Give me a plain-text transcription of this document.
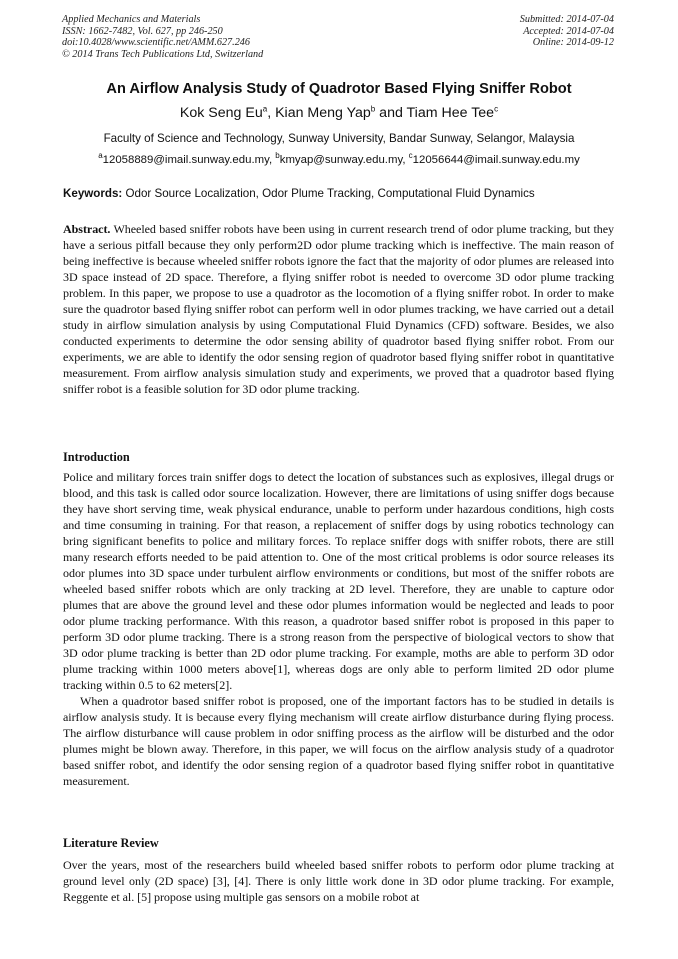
Applied Mechanics and Materials
ISSN: 1662-7482, Vol. 627, pp 246-250
doi:10.4028/www.scientific.net/AMM.627.246
© 2014 Trans Tech Publications Ltd, Switzerland
Submitted: 2014-07-04
Accepted: 2014-07-04
Online: 2014-09-12
An Airflow Analysis Study of Quadrotor Based Flying Sniffer Robot
Kok Seng Eu$^a$, Kian Meng Yap$^b$ and Tiam Hee Tee$^c$
Faculty of Science and Technology, Sunway University, Bandar Sunway, Selangor, Malaysia
$^a$12058889@imail.sunway.edu.my, $^b$kmyap@sunway.edu.my, $^c$12056644@imail.sunway.edu.my
Keywords: Odor Source Localization, Odor Plume Tracking, Computational Fluid Dynamics

Abstract. Wheeled based sniffer robots have been using in current research trend of odor plume tracking, but they have a serious pitfall because they only perform2D odor plume tracking which is ineffective. The main reason of being ineffective is because wheeled sniffer robots ignore the fact that the majority of odor plumes are released into 3D space instead of 2D space. Therefore, a flying sniffer robot is needed to overcome 3D odor plume tracking problem. In this paper, we propose to use a quadrotor as the locomotion of a flying sniffer robot. In order to make sure the quadrotor based flying sniffer robot can perform well in odor plumes tracking, we have carried out a detail study in airflow simulation analysis by using Computational Fluid Dynamics (CFD) software. Besides, we also conducted experiments to determine the odor sensing ability of quadrotor based flying sniffer robot. From our experiments, we are able to identify the odor sensing region of quadrotor based flying sniffer robot in quantitative measurement. From airflow analysis simulation study and experiments, we proved that a quadrotor based flying sniffer robot is a feasible solution for 3D odor plume tracking.

Introduction

Police and military forces train sniffer dogs to detect the location of substances such as explosives, illegal drugs or blood, and this task is called odor source localization. However, there are limitations of using sniffer dogs because they have short serving time, weak physical endurance, unable to perform under hazardous conditions, high costs and time consuming in training. For that reason, a replacement of sniffer dogs by using robotics technology can bring significant benefits to police and military forces. To replace sniffer dogs with sniffer robots, there are still many research efforts needed to be paid attention to. One of the most critical problems is odor source releases its odor plumes into 3D space under turbulent airflow environments or conditions, but most of the sniffer robots are wheeled based sniffer robots which are only tracking at 2D level. Therefore, they are unable to capture odor plumes that are above the ground level and these odor plumes information would be neglected and leads to poor odor plume tracking performance. With this reason, a quadrotor based sniffer robot is proposed in this paper to perform 3D odor plume tracking. There is a strong reason from the perspective of biological vectors to show that 3D odor plume tracking is better than 2D odor plume tracking. For example, moths are able to perform 3D odor plume tracking within 1000 meters above[1], whereas dogs are only able to perform limited 2D odor plume tracking within 0.5 to 62 meters[2].

When a quadrotor based sniffer robot is proposed, one of the important factors has to be studied in details is airflow analysis study. It is because every flying mechanism will create airflow disturbance during flying process. The airflow disturbance will cause problem in odor sniffing process as the airflow will be disturbed and the odor plumes might be blown away. Therefore, in this paper, we will focus on the airflow analysis study of a quadrotor based sniffer robot, and identify the odor sensing region of a quadrotor based flying sniffer robot in quantitative measurement.

Literature Review

Over the years, most of the researchers build wheeled based sniffer robots to perform odor plume tracking at ground level only (2D space) [3], [4]. There is only little work done in 3D odor plume tracking. For example, Reggente et al. [5] propose using multiple gas sensors on a mobile robot at
